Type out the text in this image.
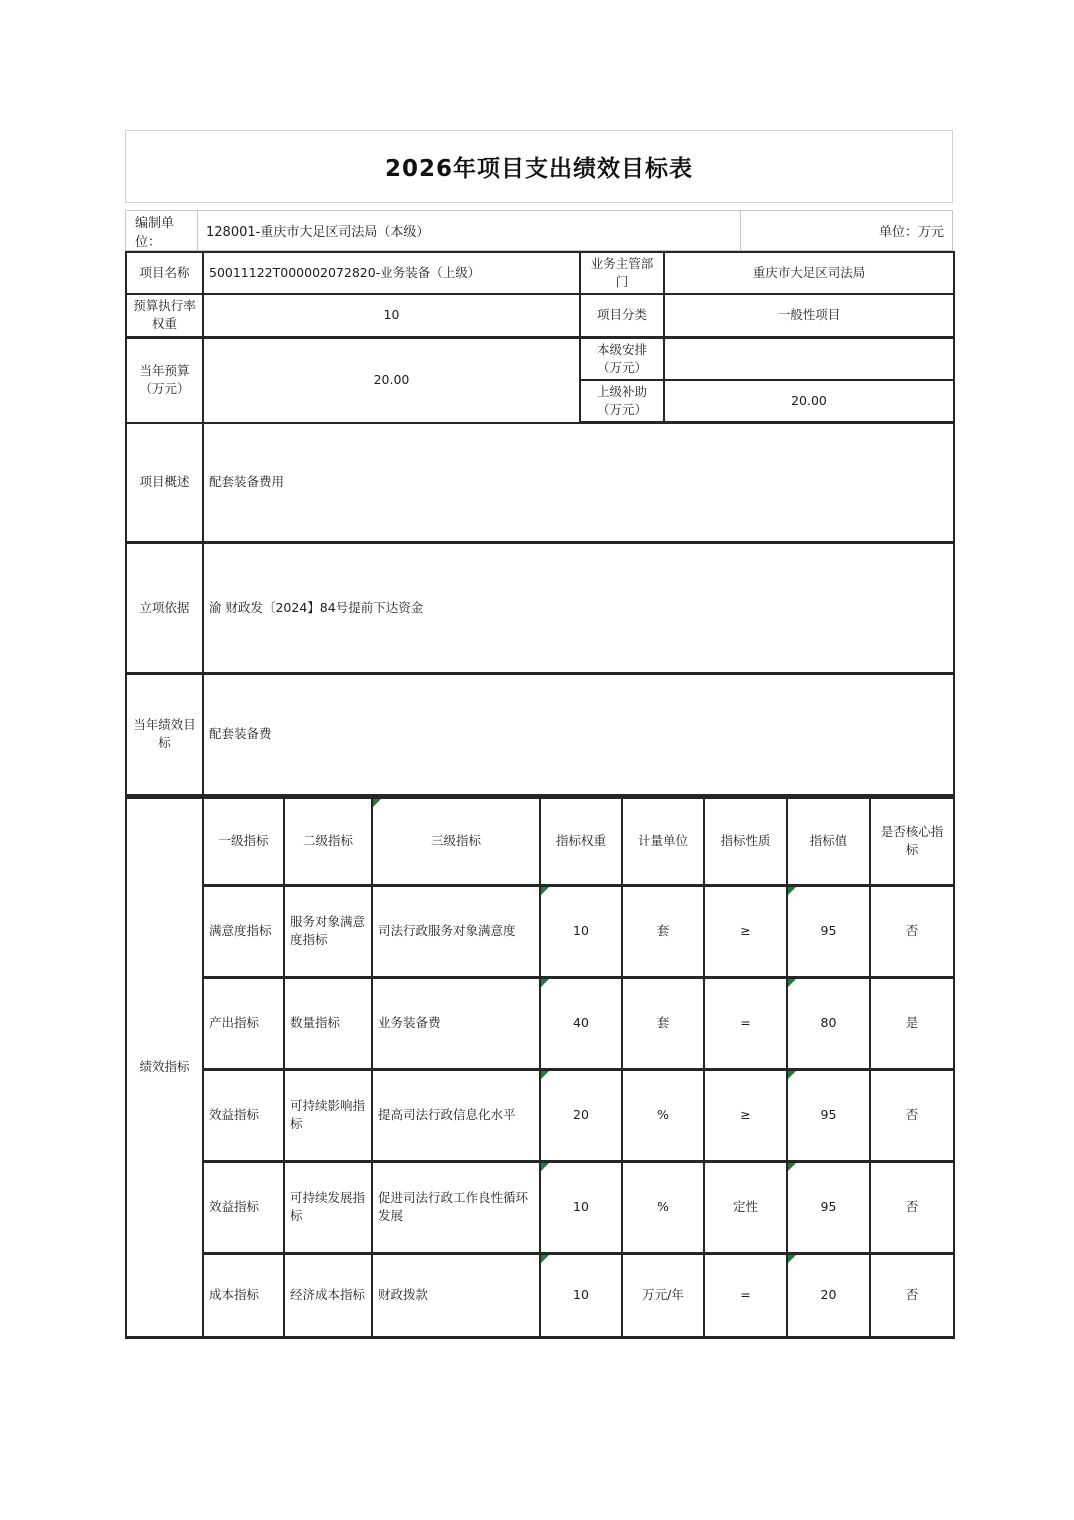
2026年项目支出绩效目标表
编制单位：
128001-重庆市大足区司法局（本级）	单位：万元
项目名称	50011122T000002072820-业务装备（上级）	业务主管部门	重庆市大足区司法局
预算执行率权重	10	项目分类	一般性项目
当年预算（万元）	20.00	本级安排（万元）	
		上级补助（万元）	20.00
项目概述	配套装备费用		
立项依据	渝 财政发〔2024】84号提前下达资金		
当年绩效目标	配套装备费		
绩效指标	一级指标	二级指标	三级指标	指标权重	计量单位	指标性质	指标值	是否核心指标
	满意度指标	服务对象满意度指标	司法行政服务对象满意度	10	套	≥	95	否
	产出指标	数量指标	业务装备费	40	套	=	80	是
	效益指标	可持续影响指标	提高司法行政信息化水平	20	%	≥	95	否
	效益指标	可持续发展指标	促进司法行政工作良性循环发展	10	%	定性	95	否
	成本指标	经济成本指标	财政拨款	10	万元/年	=	20	否
